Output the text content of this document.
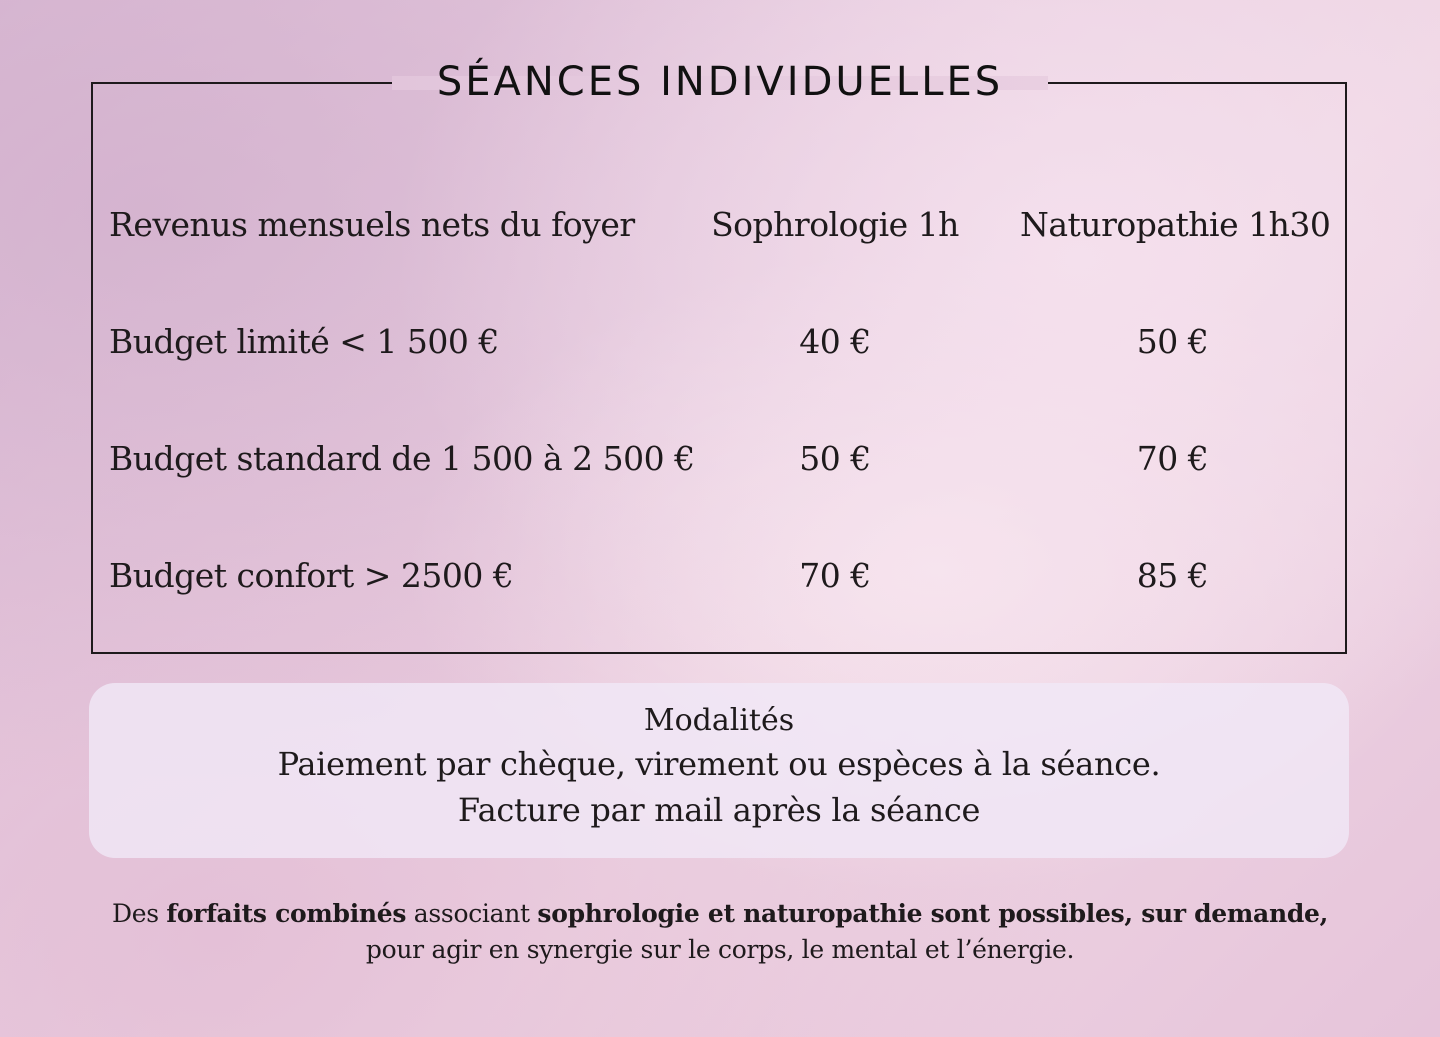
SÉANCES INDIVIDUELLES
Revenus mensuels nets du foyer	Sophrologie 1h	Naturopathie 1h30
Budget limité < 1 500 €	40 €	50 €
Budget standard de 1 500 à 2 500 €	50 €	70 €
Budget confort > 2500 €	70 €	85 €
Modalités
Paiement par chèque, virement ou espèces à la séance.
Facture par mail après la séance
Des forfaits combinés associant sophrologie et naturopathie sont possibles, sur demande, pour agir en synergie sur le corps, le mental et l’énergie.
